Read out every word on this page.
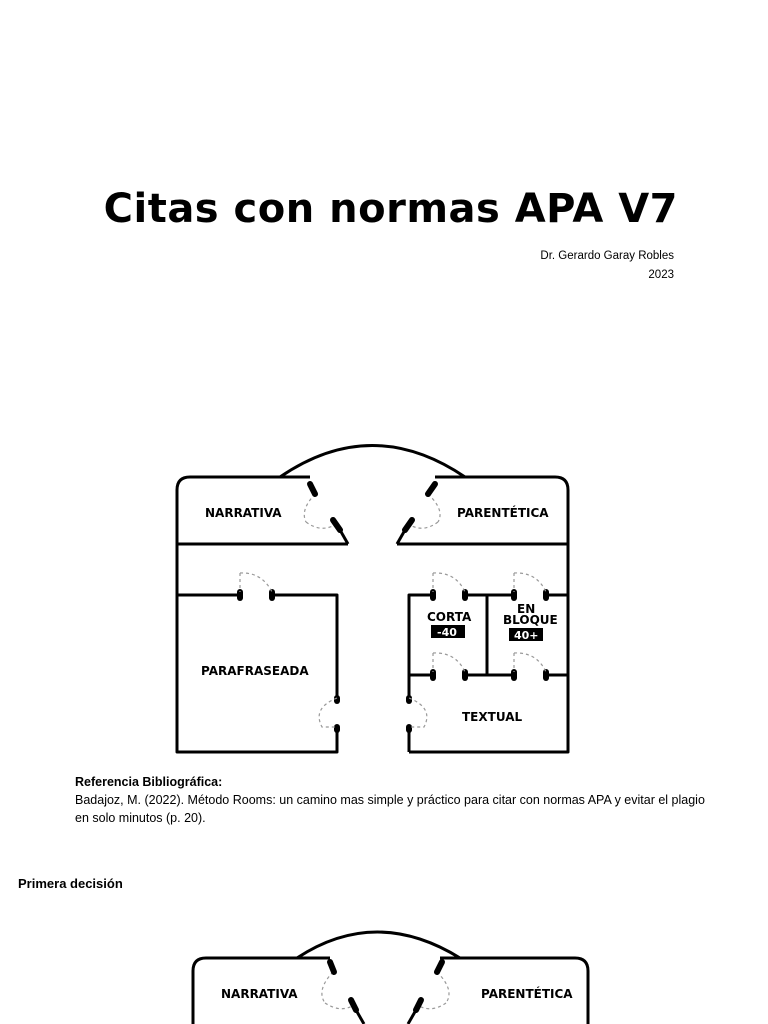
Citas con normas APA V7
Dr. Gerardo Garay Robles
2023
NARRATIVA	PARENTÉTICA
PARAFRASEADA
CORTA
-40
EN
BLOQUE
40+
TEXTUAL
Referencia Bibliográfica:
Badajoz, M. (2022). Método Rooms: un camino mas simple y práctico para citar con normas APA y evitar el plagio en solo minutos (p. 20).
Primera decisión
NARRATIVA	PARENTÉTICA
